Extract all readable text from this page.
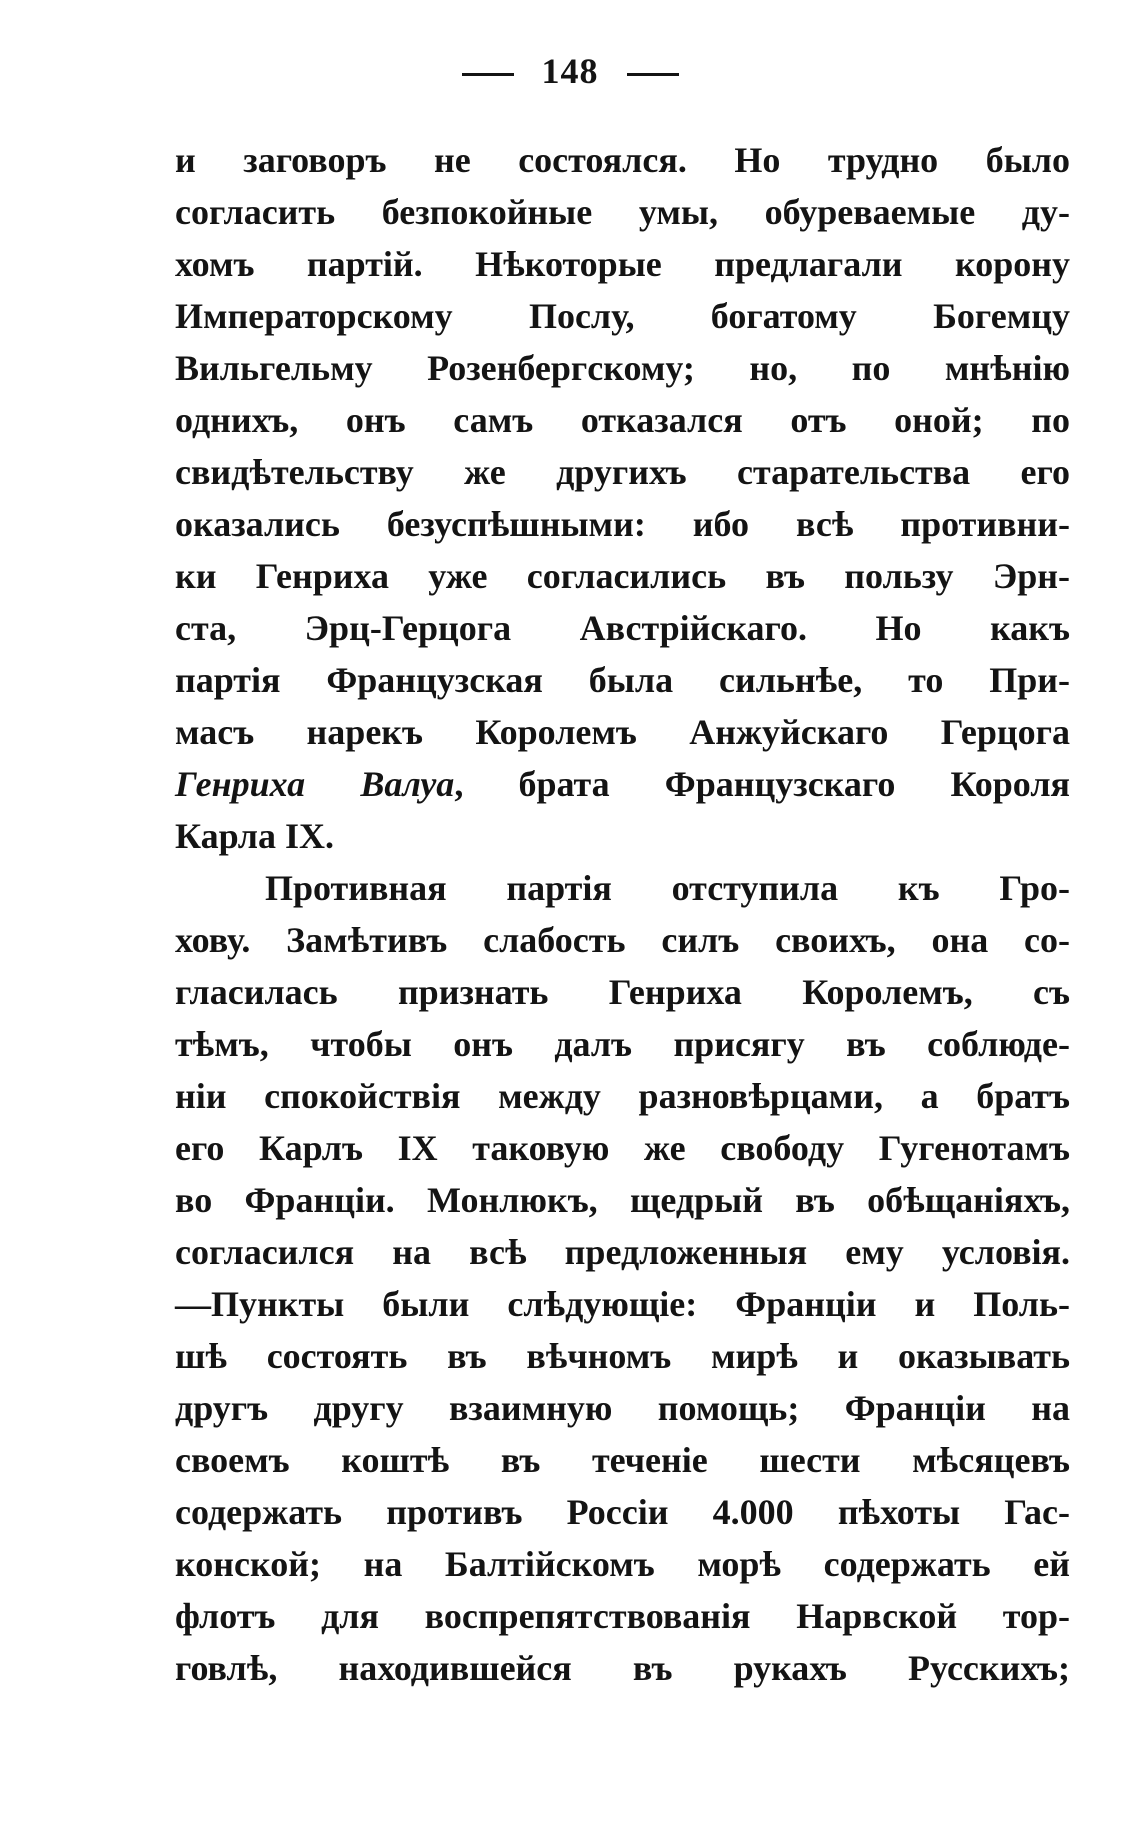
148
и заговоръ не состоялся. Но трудно было
согласить безпокойные умы, обуреваемые ду-
хомъ партій. Нѣкоторые предлагали корону
Императорскому Послу, богатому Богемцу
Вильгельму Розенбергскому; но, по мнѣнію
однихъ, онъ самъ отказался отъ оной; по
свидѣтельству же другихъ старательства его
оказались безуспѣшными: ибо всѣ противни-
ки Генриха уже согласились въ пользу Эрн-
ста, Эрц-Герцога Австрійскаго. Но какъ
партія Французская была сильнѣе, то При-
масъ нарекъ Королемъ Анжуйскаго Герцога
Генриха Валуа, брата Французскаго Короля
Карла IX.
Противная партія отступила къ Гро-
хову. Замѣтивъ слабость силъ своихъ, она со-
гласилась признать Генриха Королемъ, съ
тѣмъ, чтобы онъ далъ присягу въ соблюде-
ніи спокойствія между разновѣрцами, а братъ
его Карлъ IX таковую же свободу Гугенотамъ
во Франціи. Монлюкъ, щедрый въ обѣщаніяхъ,
согласился на всѣ предложенныя ему условія.
—Пункты были слѣдующіе: Франціи и Поль-
шѣ состоять въ вѣчномъ мирѣ и оказывать
другъ другу взаимную помощь; Франціи на
своемъ коштѣ въ теченіе шести мѣсяцевъ
содержать противъ Россіи 4.000 пѣхоты Гас-
конской; на Балтійскомъ морѣ содержать ей
флотъ для воспрепятствованія Нарвской тор-
говлѣ, находившейся въ рукахъ Русскихъ;
